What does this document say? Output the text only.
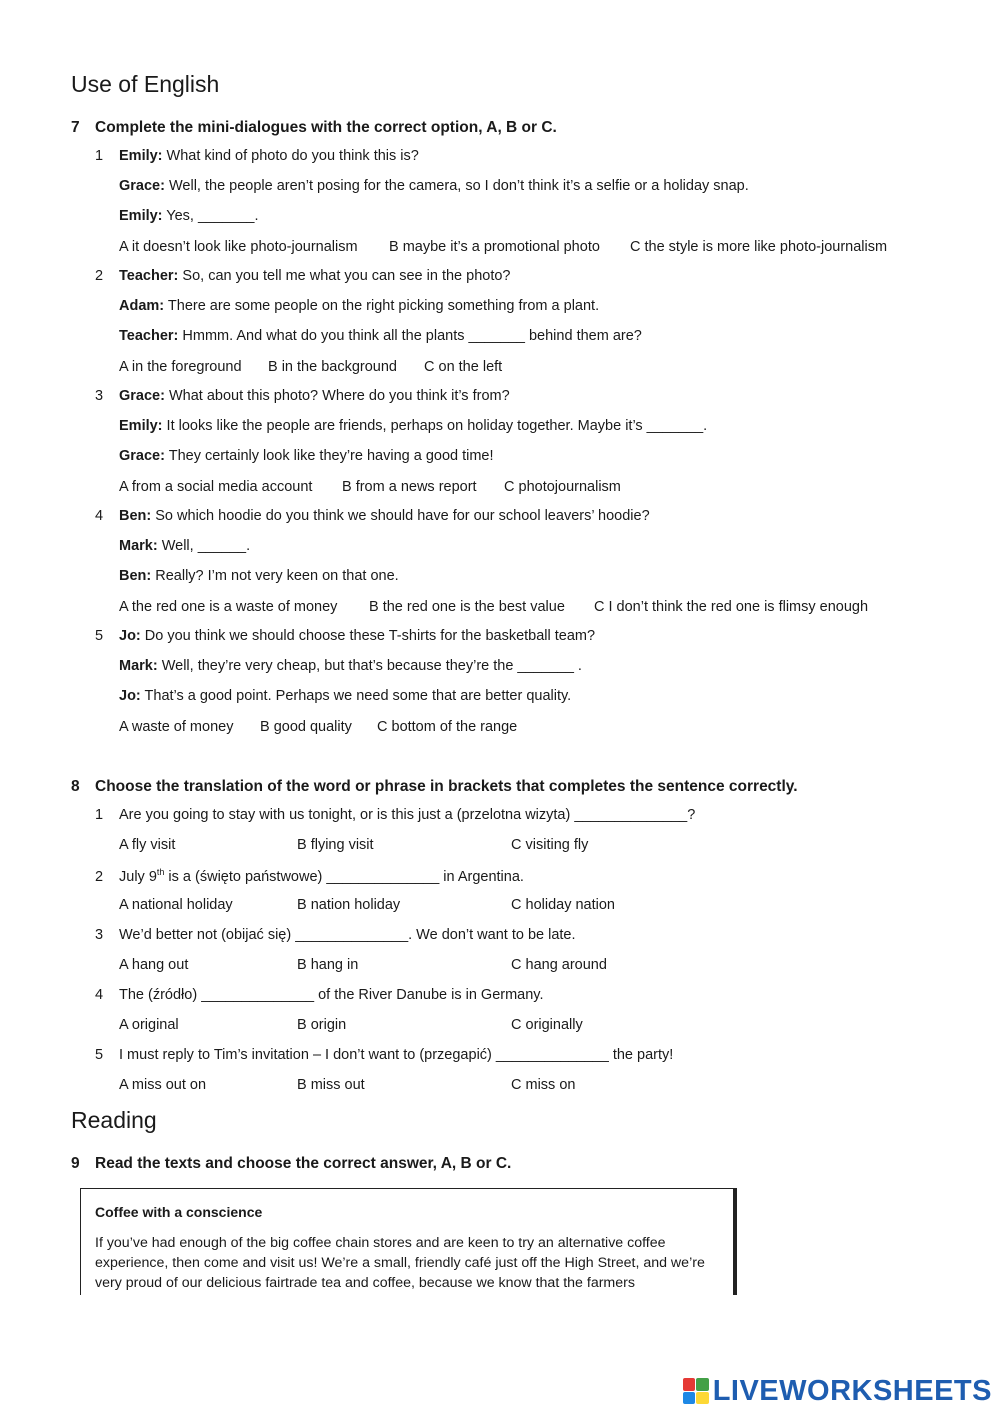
Use of English
7 Complete the mini-dialogues with the correct option, A, B or C.
1 Emily: What kind of photo do you think this is?
Grace: Well, the people aren’t posing for the camera, so I don’t think it’s a selfie or a holiday snap.
Emily: Yes, _______.
A it doesn’t look like photo-journalism B maybe it’s a promotional photo C the style is more like photo-journalism
2 Teacher: So, can you tell me what you can see in the photo?
Adam: There are some people on the right picking something from a plant.
Teacher: Hmmm. And what do you think all the plants _______ behind them are?
A in the foreground B in the background C on the left
3 Grace: What about this photo? Where do you think it’s from?
Emily: It looks like the people are friends, perhaps on holiday together. Maybe it’s _______.
Grace: They certainly look like they’re having a good time!
A from a social media account B from a news report C photojournalism
4 Ben: So which hoodie do you think we should have for our school leavers’ hoodie?
Mark: Well, ______.
Ben: Really? I’m not very keen on that one.
A the red one is a waste of money B the red one is the best value C I don’t think the red one is flimsy enough
5 Jo: Do you think we should choose these T-shirts for the basketball team?
Mark: Well, they’re very cheap, but that’s because they’re the _______ .
Jo: That’s a good point. Perhaps we need some that are better quality.
A waste of money B good quality C bottom of the range
8 Choose the translation of the word or phrase in brackets that completes the sentence correctly.
1 Are you going to stay with us tonight, or is this just a (przelotna wizyta) ______________?
A fly visit	B flying visit	C visiting fly
2 July 9th is a (święto państwowe) ______________ in Argentina.
A national holiday	B nation holiday	C holiday nation
3 We’d better not (obijać się) ______________. We don’t want to be late.
A hang out	B hang in	C hang around
4 The (źródło) ______________ of the River Danube is in Germany.
A original	B origin	C originally
5 I must reply to Tim’s invitation – I don’t want to (przegapić) ______________ the party!
A miss out on	B miss out	C miss on
Reading
9 Read the texts and choose the correct answer, A, B or C.
Coffee with a conscience
If you’ve had enough of the big coffee chain stores and are keen to try an alternative coffee experience, then come and visit us! We’re a small, friendly café just off the High Street, and we’re very proud of our delicious fairtrade tea and coffee, because we know that the farmers
LIVEWORKSHEETS
